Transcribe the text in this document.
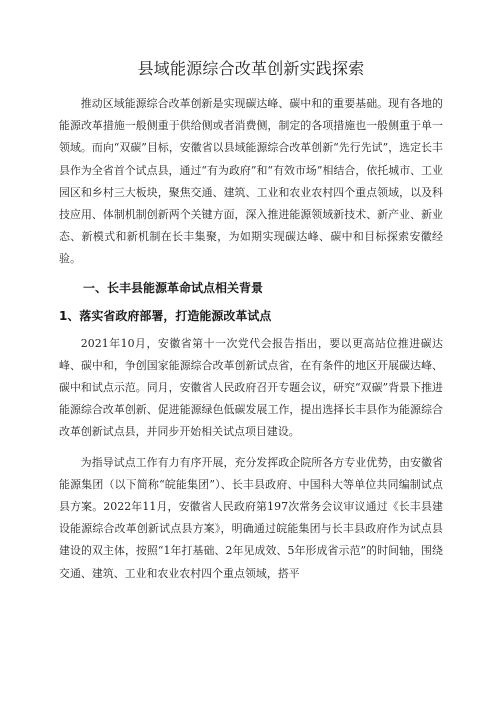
县域能源综合改革创新实践探索

推动区域能源综合改革创新是实现碳达峰、碳中和的重要基础。现有各地的能源改革措施一般侧重于供给侧或者消费侧，制定的各项措施也一般侧重于单一领域。而向“双碳”目标，安徽省以县域能源综合改革创新“先行先试”，选定长丰县作为全省首个试点县，通过“有为政府”和“有效市场”相结合，依托城市、工业园区和乡村三大板块，聚焦交通、建筑、工业和农业农村四个重点领域，以及科技应用、体制机制创新两个关键方面，深入推进能源领域新技术、新产业、新业态、新模式和新机制在长丰集聚，为如期实现碳达峰、碳中和目标探索安徽经验。

一、长丰县能源革命试点相关背景
1、落实省政府部署，打造能源改革试点

2021年10月，安徽省第十一次党代会报告指出，要以更高站位推进碳达峰、碳中和，争创国家能源综合改革创新试点省，在有条件的地区开展碳达峰、碳中和试点示范。同月，安徽省人民政府召开专题会议，研究“双碳”背景下推进能源综合改革创新、促进能源绿色低碳发展工作，提出选择长丰县作为能源综合改革创新试点县，并同步开始相关试点项目建设。

为指导试点工作有力有序开展，充分发挥政企院所各方专业优势，由安徽省能源集团（以下简称“皖能集团”）、长丰县政府、中国科大等单位共同编制试点县方案。2022年11月，安徽省人民政府第197次常务会议审议通过《长丰县建设能源综合改革创新试点县方案》，明确通过皖能集团与长丰县政府作为试点县建设的双主体，按照“1年打基础、2年见成效、5年形成省示范”的时间轴，围绕交通、建筑、工业和农业农村四个重点领域，搭平
